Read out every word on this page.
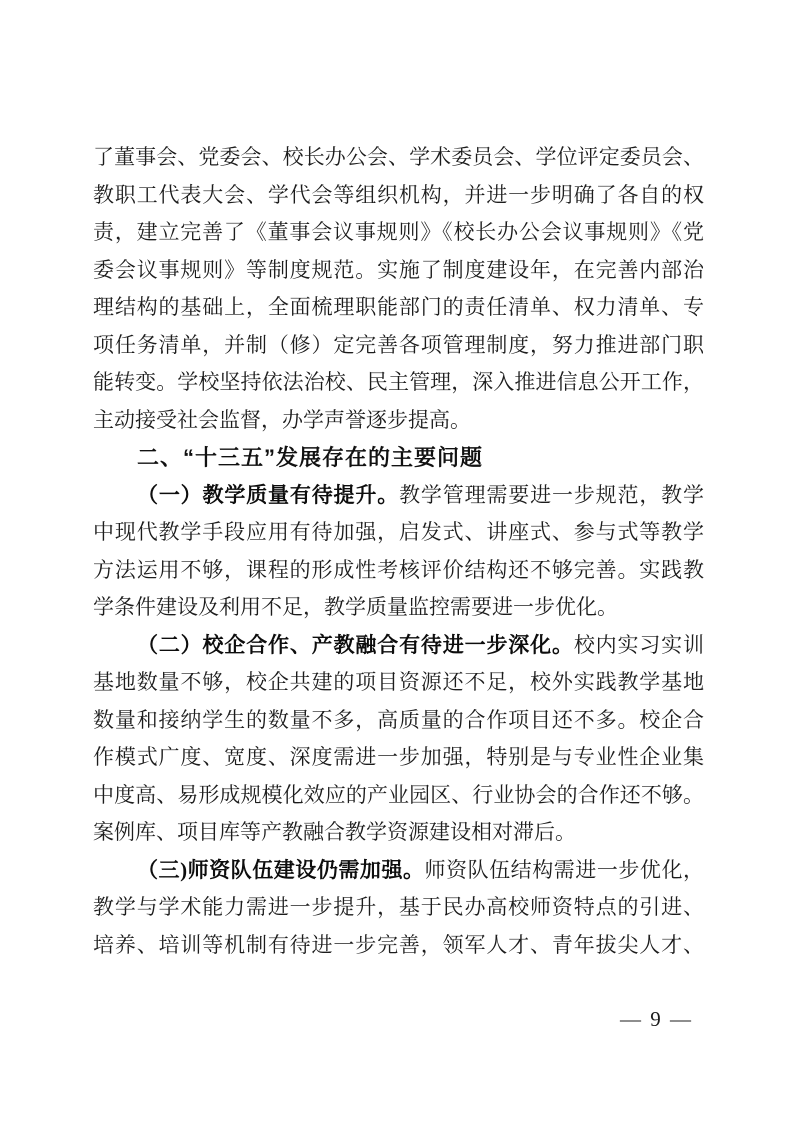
了董事会、党委会、校长办公会、学术委员会、学位评定委员会、
教职工代表大会、学代会等组织机构，并进一步明确了各自的权
责，建立完善了《董事会议事规则》《校长办公会议事规则》《党
委会议事规则》等制度规范。实施了制度建设年，在完善内部治
理结构的基础上，全面梳理职能部门的责任清单、权力清单、专
项任务清单，并制（修）定完善各项管理制度，努力推进部门职
能转变。学校坚持依法治校、民主管理，深入推进信息公开工作，
主动接受社会监督，办学声誉逐步提高。
二、“十三五”发展存在的主要问题
（一）教学质量有待提升。教学管理需要进一步规范，教学
中现代教学手段应用有待加强，启发式、讲座式、参与式等教学
方法运用不够，课程的形成性考核评价结构还不够完善。实践教
学条件建设及利用不足，教学质量监控需要进一步优化。
（二）校企合作、产教融合有待进一步深化。校内实习实训
基地数量不够，校企共建的项目资源还不足，校外实践教学基地
数量和接纳学生的数量不多，高质量的合作项目还不多。校企合
作模式广度、宽度、深度需进一步加强，特别是与专业性企业集
中度高、易形成规模化效应的产业园区、行业协会的合作还不够。
案例库、项目库等产教融合教学资源建设相对滞后。
（三)师资队伍建设仍需加强。师资队伍结构需进一步优化，
教学与学术能力需进一步提升，基于民办高校师资特点的引进、
培养、培训等机制有待进一步完善，领军人才、青年拔尖人才、
— 9 —
